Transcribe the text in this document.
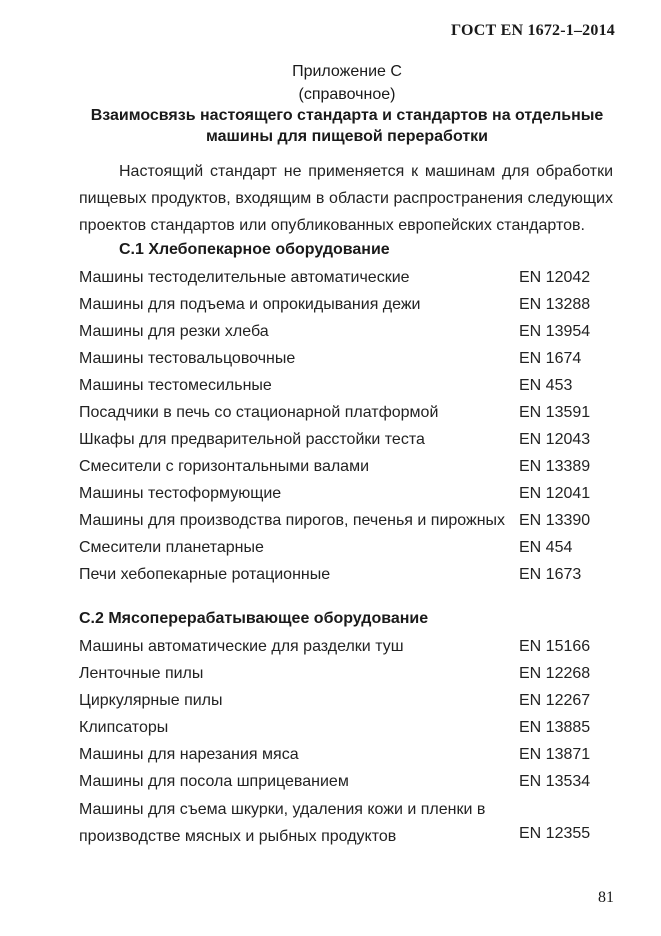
ГОСТ EN 1672-1–2014
Приложение С
(справочное)
Взаимосвязь настоящего стандарта и стандартов на отдельные
машины для пищевой переработки
Настоящий стандарт не применяется к машинам для обработки пищевых продуктов, входящим в области распространения следующих проектов стандартов или опубликованных европейских стандартов.
С.1 Хлебопекарное оборудование
Машины тестоделительные автоматические	EN 12042
Машины для подъема и опрокидывания дежи	EN 13288
Машины для резки хлеба	EN 13954
Машины тестовальцовочные	EN 1674
Машины тестомесильные	EN 453
Посадчики в печь со стационарной платформой	EN 13591
Шкафы для предварительной расстойки теста	EN 12043
Смесители с горизонтальными валами	EN 13389
Машины тестоформующие	EN 12041
Машины для производства пирогов, печенья и пирожных EN 13390
Смесители планетарные	EN 454
Печи хебопекарные ротационные	EN 1673
С.2 Мясоперерабатывающее оборудование
Машины автоматические для разделки туш	EN 15166
Ленточные пилы	EN 12268
Циркулярные пилы	EN 12267
Клипсаторы	EN 13885
Машины для нарезания мяса	EN 13871
Машины для посола шприцеванием	EN 13534
Машины для съема шкурки, удаления кожи и пленки в производстве мясных и рыбных продуктов	EN 12355
81
